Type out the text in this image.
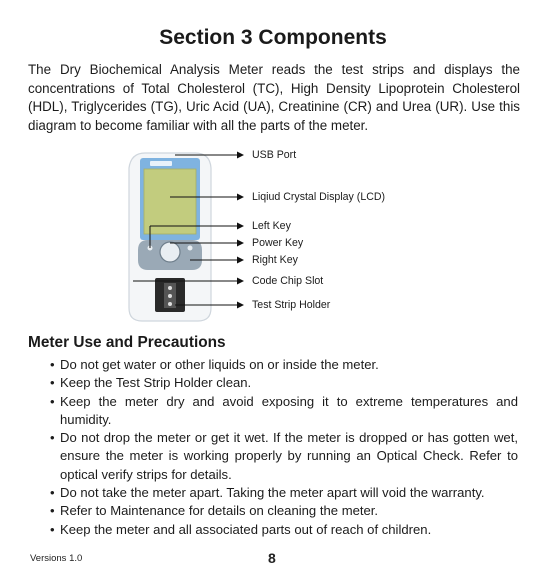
Section 3 Components
The Dry Biochemical Analysis Meter reads the test strips and displays the concentrations of Total Cholesterol (TC), High Density Lipoprotein Cholesterol (HDL), Triglycerides (TG), Uric Acid (UA), Creatinine (CR) and Urea (UR). Use this diagram to become familiar with all the parts of the meter.
USB Port
Liqiud Crystal Display (LCD)
Left Key
Power Key
Right Key
Code Chip Slot
Test Strip Holder
Meter Use and Precautions
• Do not get water or other liquids on or inside the meter.
• Keep the Test Strip Holder clean.
• Keep the meter dry and avoid exposing it to extreme temperatures and humidity.
• Do not drop the meter or get it wet. If the meter is dropped or has gotten wet, ensure the meter is working properly by running an Optical Check. Refer to optical verify strips for details.
• Do not take the meter apart. Taking the meter apart will void the warranty.
• Refer to Maintenance for details on cleaning the meter.
• Keep the meter and all associated parts out of reach of children.
Versions 1.0	8
